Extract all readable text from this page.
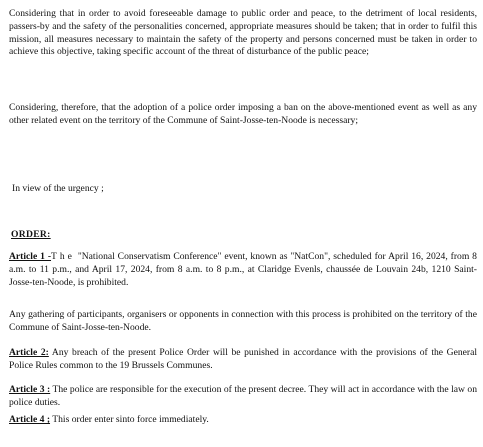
Considering that in order to avoid foreseeable damage to public order and peace, to the detriment of local residents, passers-by and the safety of the personalities concerned, appropriate measures should be taken; that in order to fulfil this mission, all measures necessary to maintain the safety of the property and persons concerned must be taken in order to achieve this objective, taking specific account of the threat of disturbance of the public peace;

Considering, therefore, that the adoption of a police order imposing a ban on the above-mentioned event as well as any other related event on the territory of the Commune of Saint-Josse-ten-Noode is necessary;

In view of the urgency ;

ORDER:

Article 1 -The "National Conservatism Conference" event, known as "NatCon", scheduled for April 16, 2024, from 8 a.m. to 11 p.m., and April 17, 2024, from 8 a.m. to 8 p.m., at Claridge Evenls, chaussée de Louvain 24b, 1210 Saint-Josse-ten-Noode, is prohibited.

Any gathering of participants, organisers or opponents in connection with this process is prohibited on the territory of the Commune of Saint-Josse-ten-Noode.

Article 2: Any breach of the present Police Order will be punished in accordance with the provisions of the General Police Rules common to the 19 Brussels Communes.

Article 3 : The police are responsible for the execution of the present decree. They will act in accordance with the law on police duties.

Article 4 ; This order enter sinto force immediately.
